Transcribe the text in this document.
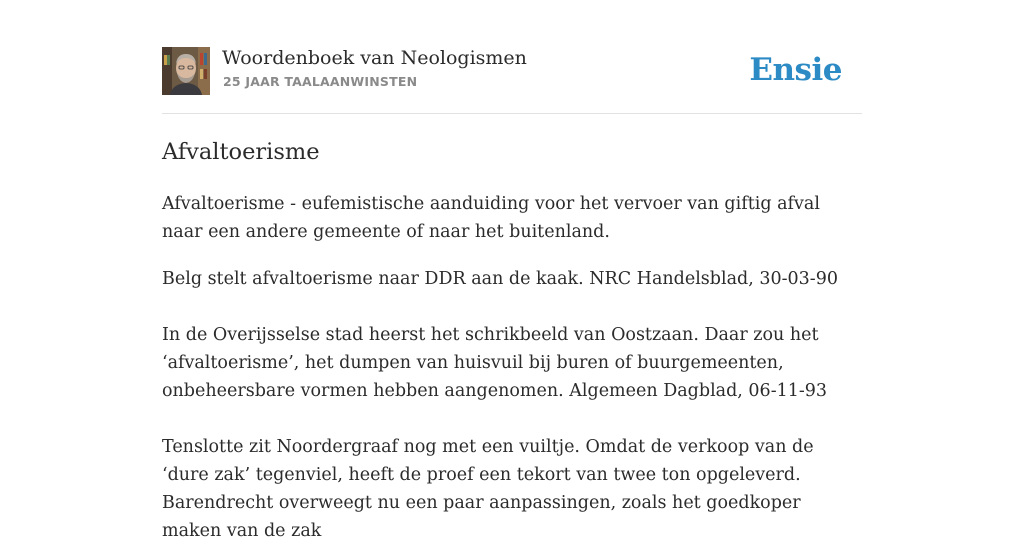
Woordenboek van Neologismen
25 JAAR TAALAANWINSTEN	Ensie
Afvaltoerisme

Afvaltoerisme - eufemistische aanduiding voor het vervoer van giftig afval naar een andere gemeente of naar het buitenland.

Belg stelt afvaltoerisme naar DDR aan de kaak. NRC Handelsblad, 30-03-90

In de Overijsselse stad heerst het schrikbeeld van Oostzaan. Daar zou het ‘afvaltoerisme’, het dumpen van huisvuil bij buren of buurgemeenten, onbeheersbare vormen hebben aangenomen. Algemeen Dagblad, 06-11-93

Tenslotte zit Noordergraaf nog met een vuiltje. Omdat de verkoop van de ‘dure zak’ tegenviel, heeft de proef een tekort van twee ton opgeleverd. Barendrecht overweegt nu een paar aanpassingen, zoals het goedkoper maken van de zak
